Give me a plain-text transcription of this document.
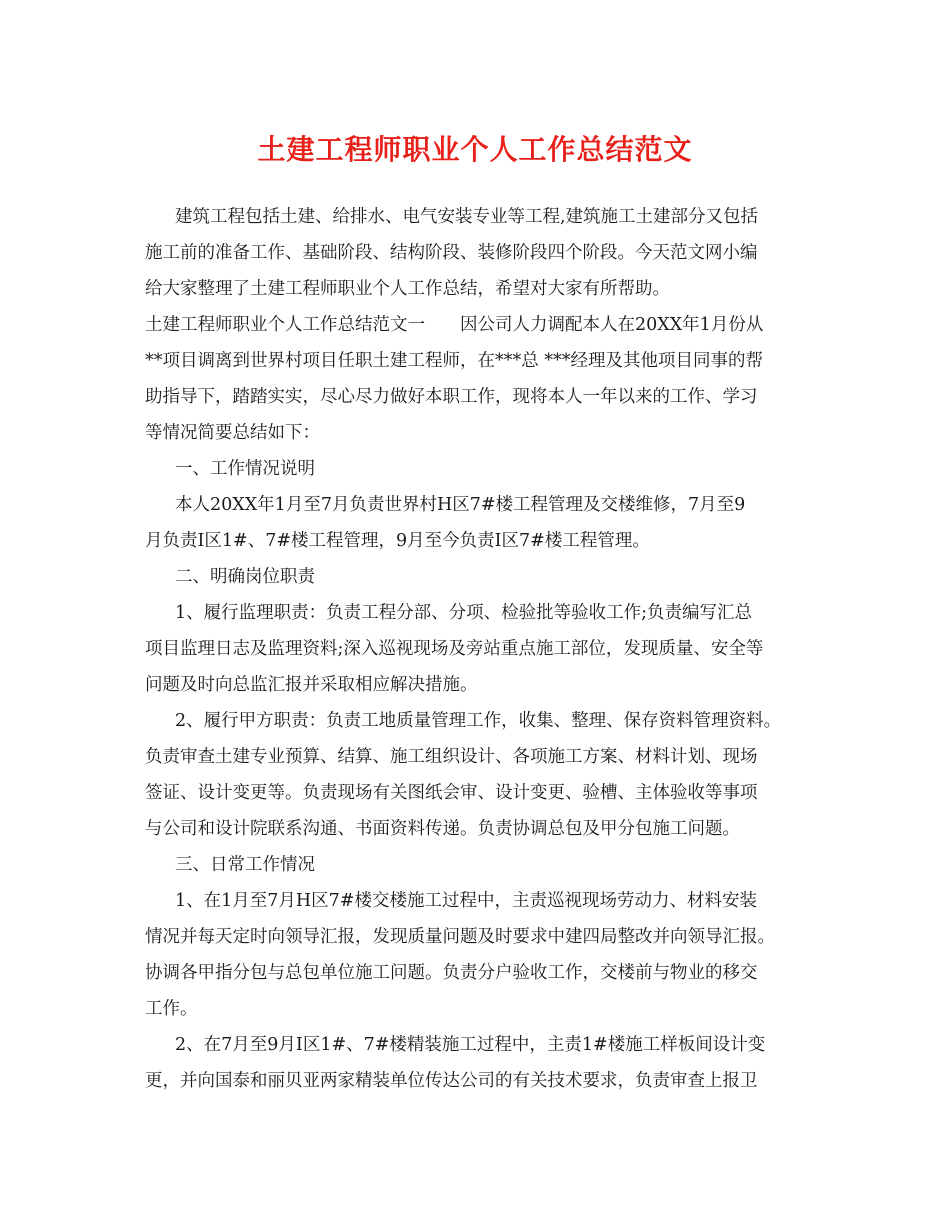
土建工程师职业个人工作总结范文
建筑工程包括土建、给排水、电气安装专业等工程,建筑施工土建部分又包括
施工前的准备工作、基础阶段、结构阶段、装修阶段四个阶段。今天范文网小编
给大家整理了土建工程师职业个人工作总结，希望对大家有所帮助。
土建工程师职业个人工作总结范文一　　因公司人力调配本人在20XX年1月份从
**项目调离到世界村项目任职土建工程师，在***总 ***经理及其他项目同事的帮
助指导下，踏踏实实，尽心尽力做好本职工作，现将本人一年以来的工作、学习
等情况简要总结如下：
一、工作情况说明
本人20XX年1月至7月负责世界村H区7#楼工程管理及交楼维修，7月至9
月负责I区1#、7#楼工程管理，9月至今负责I区7#楼工程管理。
二、明确岗位职责
1、履行监理职责：负责工程分部、分项、检验批等验收工作;负责编写汇总
项目监理日志及监理资料;深入巡视现场及旁站重点施工部位，发现质量、安全等
问题及时向总监汇报并采取相应解决措施。
2、履行甲方职责：负责工地质量管理工作，收集、整理、保存资料管理资料。
负责审查土建专业预算、结算、施工组织设计、各项施工方案、材料计划、现场
签证、设计变更等。负责现场有关图纸会审、设计变更、验槽、主体验收等事项
与公司和设计院联系沟通、书面资料传递。负责协调总包及甲分包施工问题。
三、日常工作情况
1、在1月至7月H区7#楼交楼施工过程中，主责巡视现场劳动力、材料安装
情况并每天定时向领导汇报，发现质量问题及时要求中建四局整改并向领导汇报。
协调各甲指分包与总包单位施工问题。负责分户验收工作，交楼前与物业的移交
工作。
2、在7月至9月I区1#、7#楼精装施工过程中，主责1#楼施工样板间设计变
更，并向国泰和丽贝亚两家精装单位传达公司的有关技术要求，负责审查上报卫
